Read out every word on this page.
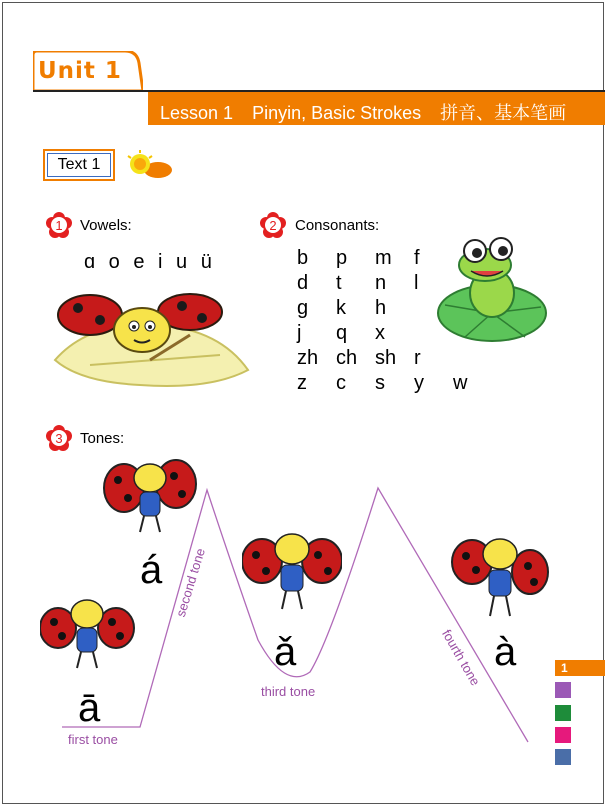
Unit 1
Lesson 1 Pinyin, Basic Strokes 拼音、基本笔画
Text 1
1 Vowels:
ɑ o e i u ü
2 Consonants:
b	p	m	f	
d	t	n	l	
g	k	h		
j	q	x		
zh	ch	sh	r	
z	c	s	y	w
3 Tones:
ā
á
ǎ	à
first tone
second tone
third tone
fourth tone	1
